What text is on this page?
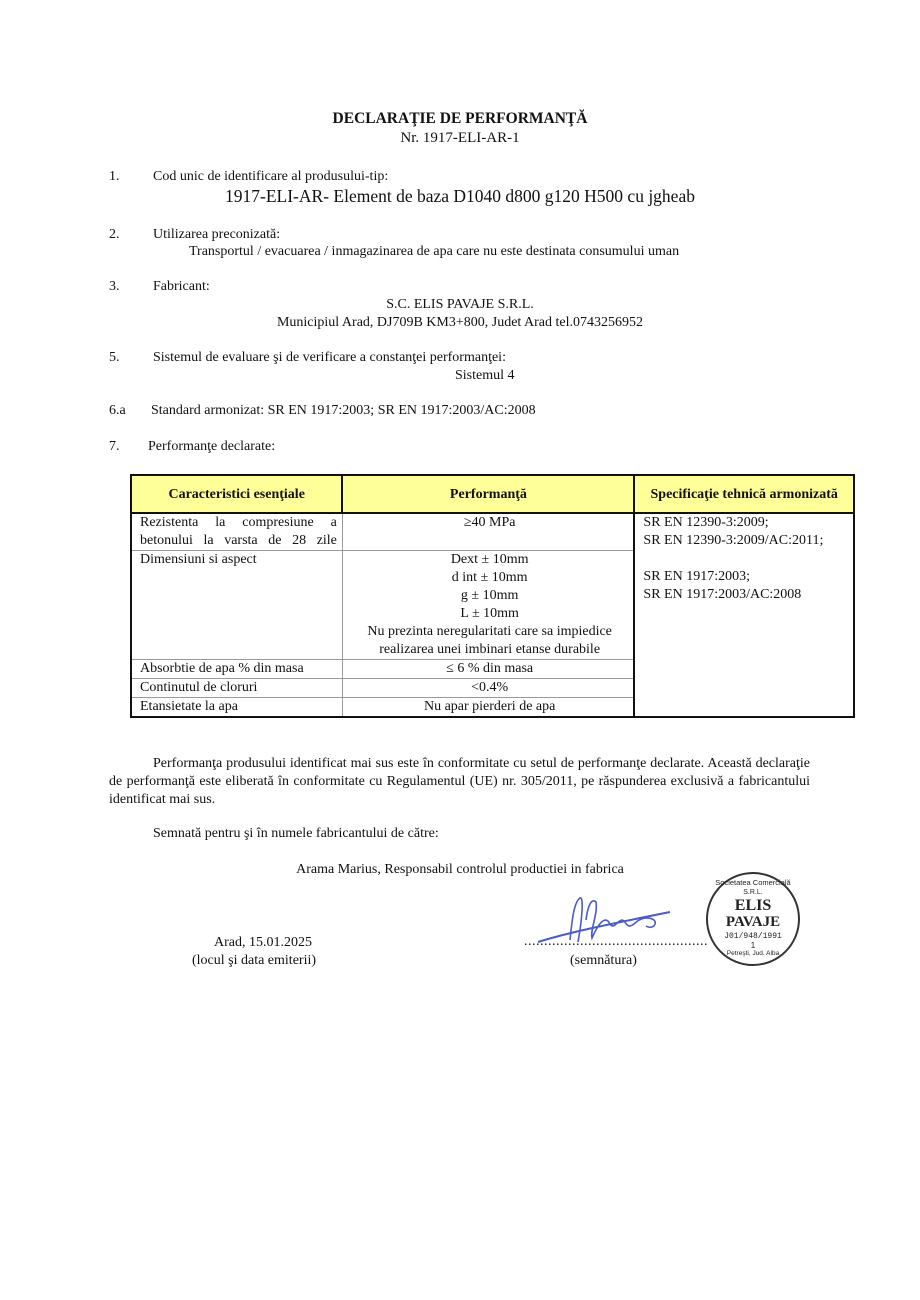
DECLARAŢIE DE PERFORMANŢĂ
Nr. 1917-ELI-AR-1
1. Cod unic de identificare al produsului-tip:
1917-ELI-AR- Element de baza D1040 d800 g120 H500 cu jgheab
2. Utilizarea preconizată:
Transportul / evacuarea / inmagazinarea de apa care nu este destinata consumului uman
3. Fabricant:
S.C. ELIS PAVAJE S.R.L.
Municipiul Arad, DJ709B KM3+800, Judet Arad tel.0743256952
5. Sistemul de evaluare şi de verificare a constanţei performanţei:
Sistemul 4
6.a Standard armonizat: SR EN 1917:2003; SR EN 1917:2003/AC:2008
7. Performanţe declarate:
Caracteristici esenţiale	Performanţă	Specificaţie tehnică armonizată

Rezistenta la compresiune a betonului la varsta de 28 zile	≥40 MPa	SR EN 12390-3:2009;
SR EN 12390-3:2009/AC:2011;
SR EN 1917:2003;
SR EN 1917:2003/AC:2008

Dimensiuni si aspect	Dext ± 10mm
d int ± 10mm
g ± 10mm
L ± 10mm
Nu prezinta neregularitati care sa impiedice
realizarea unei imbinari etanse durabile

Absorbtie de apa % din masa	≤ 6 % din masa	
Continutul de cloruri	<0.4%	
Etansietate la apa	Nu apar pierderi de apa	
Performanţa produsului identificat mai sus este în conformitate cu setul de performanţe declarate. Această declaraţie de performanţă este eliberată în conformitate cu Regulamentul (UE) nr. 305/2011, pe răspunderea exclusivă a fabricantului identificat mai sus.
Semnată pentru şi în numele fabricantului de către:
Arama Marius, Responsabil controlul productiei in fabrica
Arad, 15.01.2025
(locul şi data emiterii)
..............................................
(semnătura)
Societatea Comercială
S.R.L.
ELIS
PAVAJE
J01/948/1991
1
Petreşti, Jud. Alba
